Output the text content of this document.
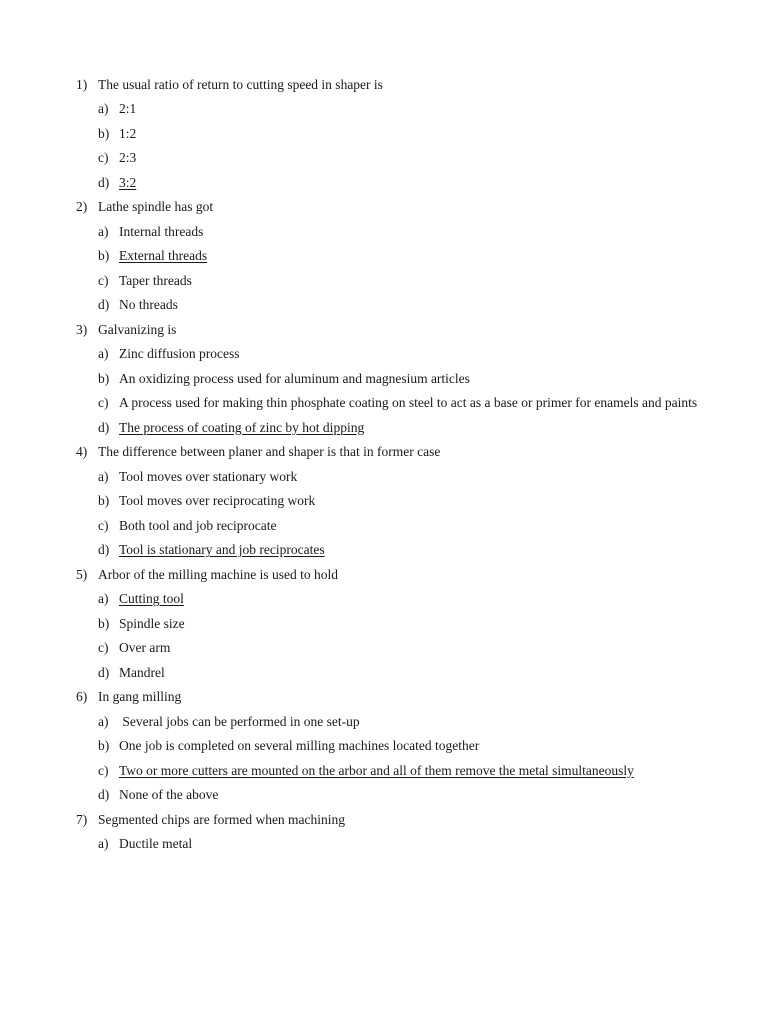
1) The usual ratio of return to cutting speed in shaper is
a) 2:1
b) 1:2
c) 2:3
d) 3:2
2) Lathe spindle has got
a) Internal threads
b) External threads
c) Taper threads
d) No threads
3) Galvanizing is
a) Zinc diffusion process
b) An oxidizing process used for aluminum and magnesium articles
c) A process used for making thin phosphate coating on steel to act as a base or primer for enamels and paints
d) The process of coating of zinc by hot dipping
4) The difference between planer and shaper is that in former case
a) Tool moves over stationary work
b) Tool moves over reciprocating work
c) Both tool and job reciprocate
d) Tool is stationary and job reciprocates
5) Arbor of the milling machine is used to hold
a) Cutting tool
b) Spindle size
c) Over arm
d) Mandrel
6) In gang milling
a) Several jobs can be performed in one set-up
b) One job is completed on several milling machines located together
c) Two or more cutters are mounted on the arbor and all of them remove the metal simultaneously
d) None of the above
7) Segmented chips are formed when machining
a) Ductile metal
